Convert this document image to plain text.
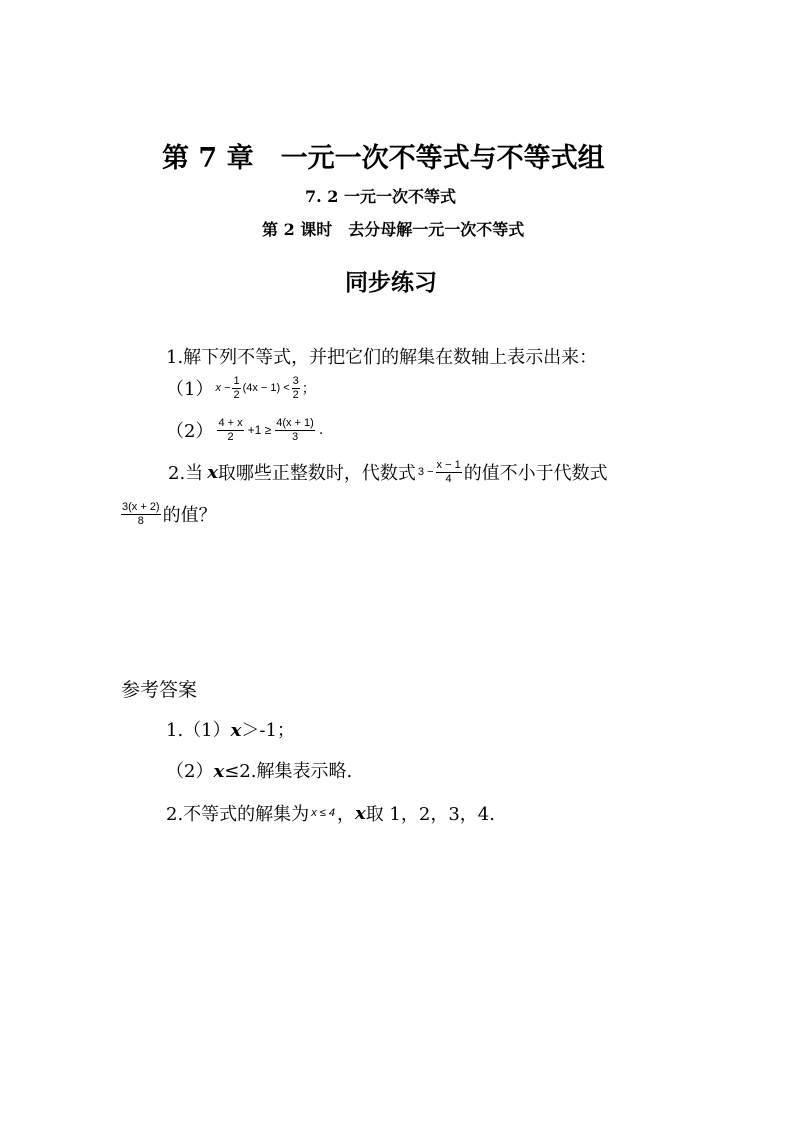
第 7 章　一元一次不等式与不等式组
7. 2 一元一次不等式
第 2 课时　去分母解一元一次不等式
同步练习
1.解下列不等式，并把它们的解集在数轴上表示出来：
（1） $x - \frac{1}{2} (4x - 1) < \frac{3}{2}$ ；
$(2) \frac{4 + x}{2} +1 \ge \frac{4(x + 1)}{3}$ .
2.当 x 取哪些正整数时，代数式 $3 - \frac{x - 1}{4}$ 的值不小于代数式
$\frac{3(x + 2)}{8}$ 的值？
参考答案
1.（1）x＞-1；
（2）x≤2.解集表示略.
2.不等式的解集为 x ≤ 4 ， x 取 1，2，3，4.
